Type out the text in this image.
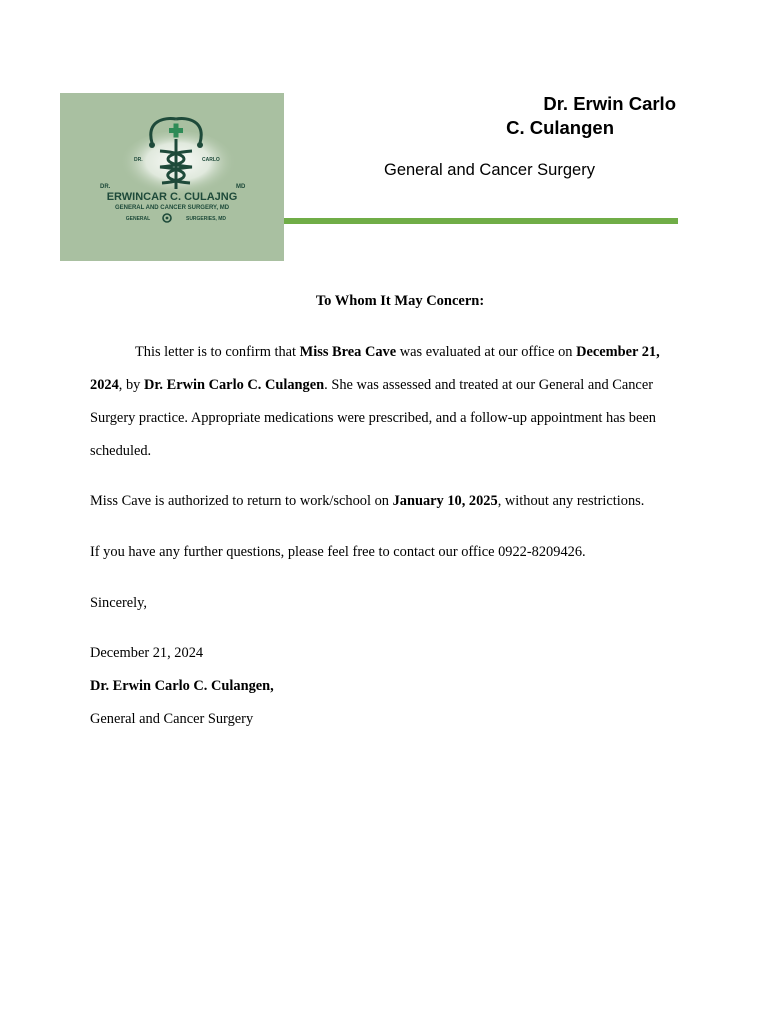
DR.	CARLO
DR.	MD
ERWINCAR C. CULAJNG
GENERAL AND CANCER SURGERY, MD
GENERAL	SURGERIES, MD
Dr. Erwin Carlo
C. Culangen
General and Cancer Surgery
To Whom It May Concern:
This letter is to confirm that Miss Brea Cave was evaluated at our office on December 21, 2024, by Dr. Erwin Carlo C. Culangen. She was assessed and treated at our General and Cancer Surgery practice. Appropriate medications were prescribed, and a follow-up appointment has been scheduled.
Miss Cave is authorized to return to work/school on January 10, 2025, without any restrictions.
If you have any further questions, please feel free to contact our office 0922-8209426.
Sincerely,
December 21, 2024
Dr. Erwin Carlo C. Culangen,
General and Cancer Surgery
